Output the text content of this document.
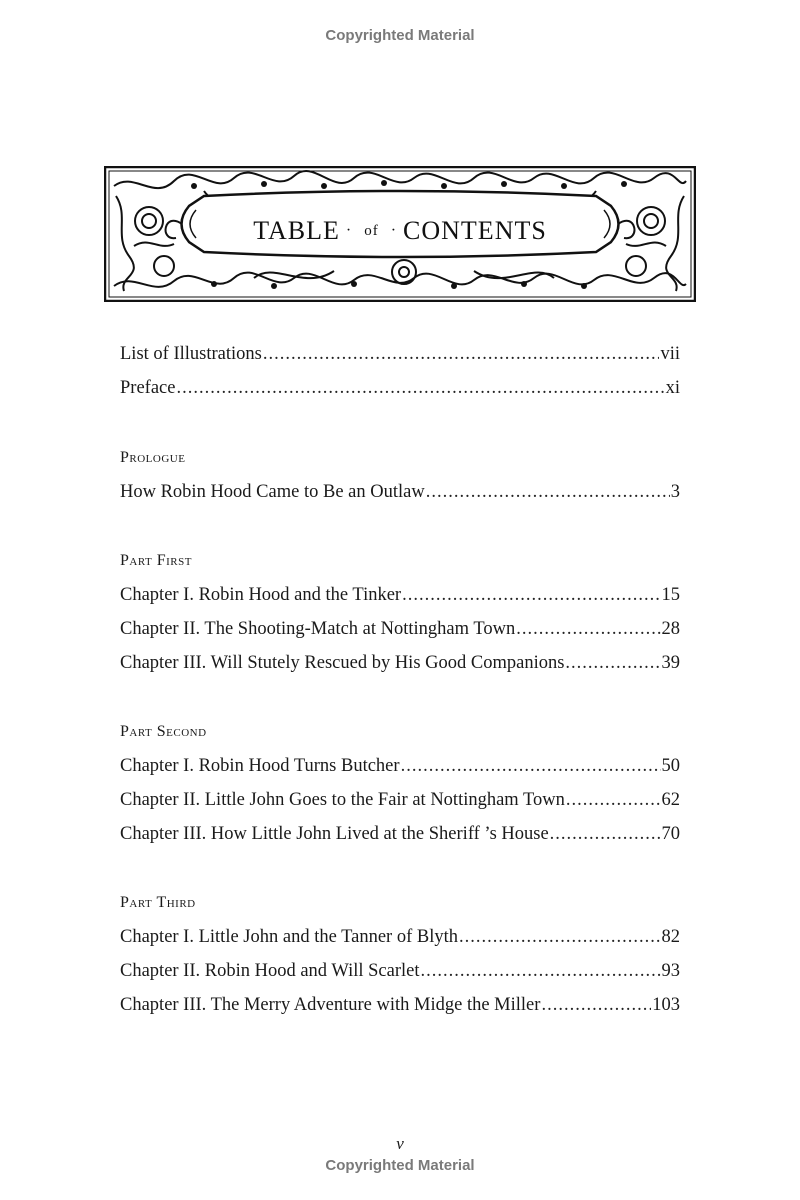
Copyrighted Material
TABLE · of · CONTENTS
List of Illustrations .....	vii
Preface .....	xi
Prologue
How Robin Hood Came to Be an Outlaw .....	3
Part First
Chapter I. Robin Hood and the Tinker .....	15
Chapter II. The Shooting-Match at Nottingham Town .....	28
Chapter III. Will Stutely Rescued by His Good Companions .....	39
Part Second
Chapter I. Robin Hood Turns Butcher .....	50
Chapter II. Little John Goes to the Fair at Nottingham Town .....	62
Chapter III. How Little John Lived at the Sheriff ’s House .....	70
Part Third
Chapter I. Little John and the Tanner of Blyth .....	82
Chapter II. Robin Hood and Will Scarlet .....	93
Chapter III. The Merry Adventure with Midge the Miller .....	103
v
Copyrighted Material
